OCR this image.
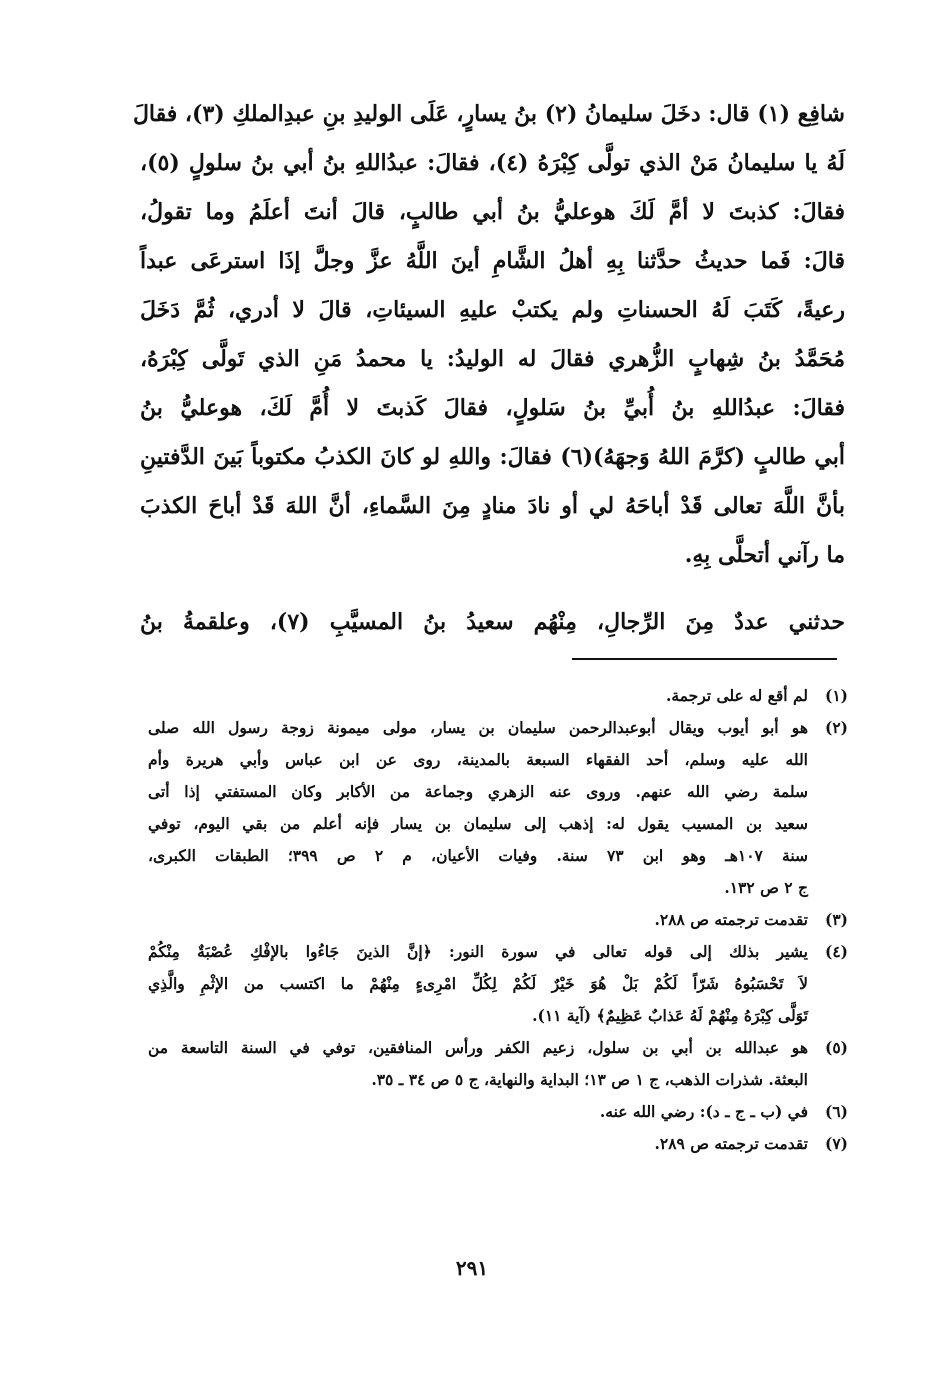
شافِع (١) قال: دخَلَ سليمانُ (٢) بنُ يسارٍ، عَلَى الوليدِ بنِ عبدِالملكِ (٣)، فقالَ
لَهُ يا سليمانُ مَنْ الذي تولَّى كِبْرَهُ (٤)، فقالَ: عبدُاللهِ بنُ أبي بنُ سلولٍ (٥)،
فقالَ: كذبتَ لا أمَّ لَكَ هوعليُّ بنُ أبي طالبٍ، قالَ أنتَ أعلَمُ وما تقولُ،
قالَ: فَما حديثُ حدَّثنا بِهِ أهلُ الشَّامِ أينَ اللَّهُ عزَّ وجلَّ إذَا استرعَى عبداً
رعيةً، كَتَبَ لَهُ الحسناتِ ولم يكتبْ عليهِ السيئاتِ، قالَ لا أدري، ثُمَّ دَخَلَ
مُحَمَّدُ بنُ شِهابٍ الزُّهري فقالَ له الوليدُ: يا محمدُ مَنِ الذي تَولَّى كِبْرَهُ،
فقالَ: عبدُاللهِ بنُ أُبيِّ بنُ سَلولٍ، فقالَ كَذبتَ لا أُمَّ لَكَ، هوعليُّ بنُ
أبي طالبٍ (كرَّمَ اللهُ وَجهَهُ)(٦) فقالَ: واللهِ لو كانَ الكذبُ مكتوباً بَينَ الدَّفتينِ
بأنَّ اللَّهَ تعالى قَدْ أباحَهُ لي أو نادَ منادٍ مِنَ السَّماءِ، أنَّ اللهَ قَدْ أباحَ الكذبَ
ما رآني أتحلَّى بِهِ.
حدثني عددٌ مِنَ الرِّجالِ، مِنْهُم سعيدُ بنُ المسيَّبِ (٧)، وعلقمةُ بنُ
(١)
لم أقع له على ترجمة.
(٢)
هو أبو أيوب ويقال أبوعبدالرحمن سليمان بن يسار، مولى ميمونة زوجة رسول الله صلى
الله عليه وسلم، أحد الفقهاء السبعة بالمدينة، روى عن ابن عباس وأبي هريرة وأم
سلمة رضي الله عنهم. وروى عنه الزهري وجماعة من الأكابر وكان المستفتي إذا أتى
سعيد بن المسيب يقول له: إذهب إلى سليمان بن يسار فإنه أعلم من بقي اليوم، توفي
سنة ١٠٧هـ وهو ابن ٧٣ سنة. وفيات الأعيان، م ٢ ص ٣٩٩؛ الطبقات الكبرى،
ج ٢ ص ١٣٢.
(٣)
تقدمت ترجمته ص ٢٨٨.
(٤)
يشير بذلك إلى قوله تعالى في سورة النور: ﴿إنَّ الذينَ جَاءُوا بالإفْكِ عُصْبَةٌ مِنْكُمْ
لاَ تَحْسَبُوهُ شَرّاً لَكُمْ بَلْ هُوَ خَيْرٌ لَكُمْ لِكُلِّ امْرِىءٍ مِنْهُمْ ما اكتسب من الإثْمِ والَّذِي
تَوَلَّى كِبْرَهُ مِنْهُمْ لَهُ عَذابٌ عَظِيمٌ﴾ (آية ١١).
(٥)
هو عبدالله بن أبي بن سلول، زعيم الكفر ورأس المنافقين، توفي في السنة التاسعة من
البعثة. شذرات الذهب، ج ١ ص ١٣؛ البداية والنهاية، ج ٥ ص ٣٤ ـ ٣٥.
(٦)
في (ب ـ ج ـ د): رضي الله عنه.
(٧)
تقدمت ترجمته ص ٢٨٩.
٢٩١
